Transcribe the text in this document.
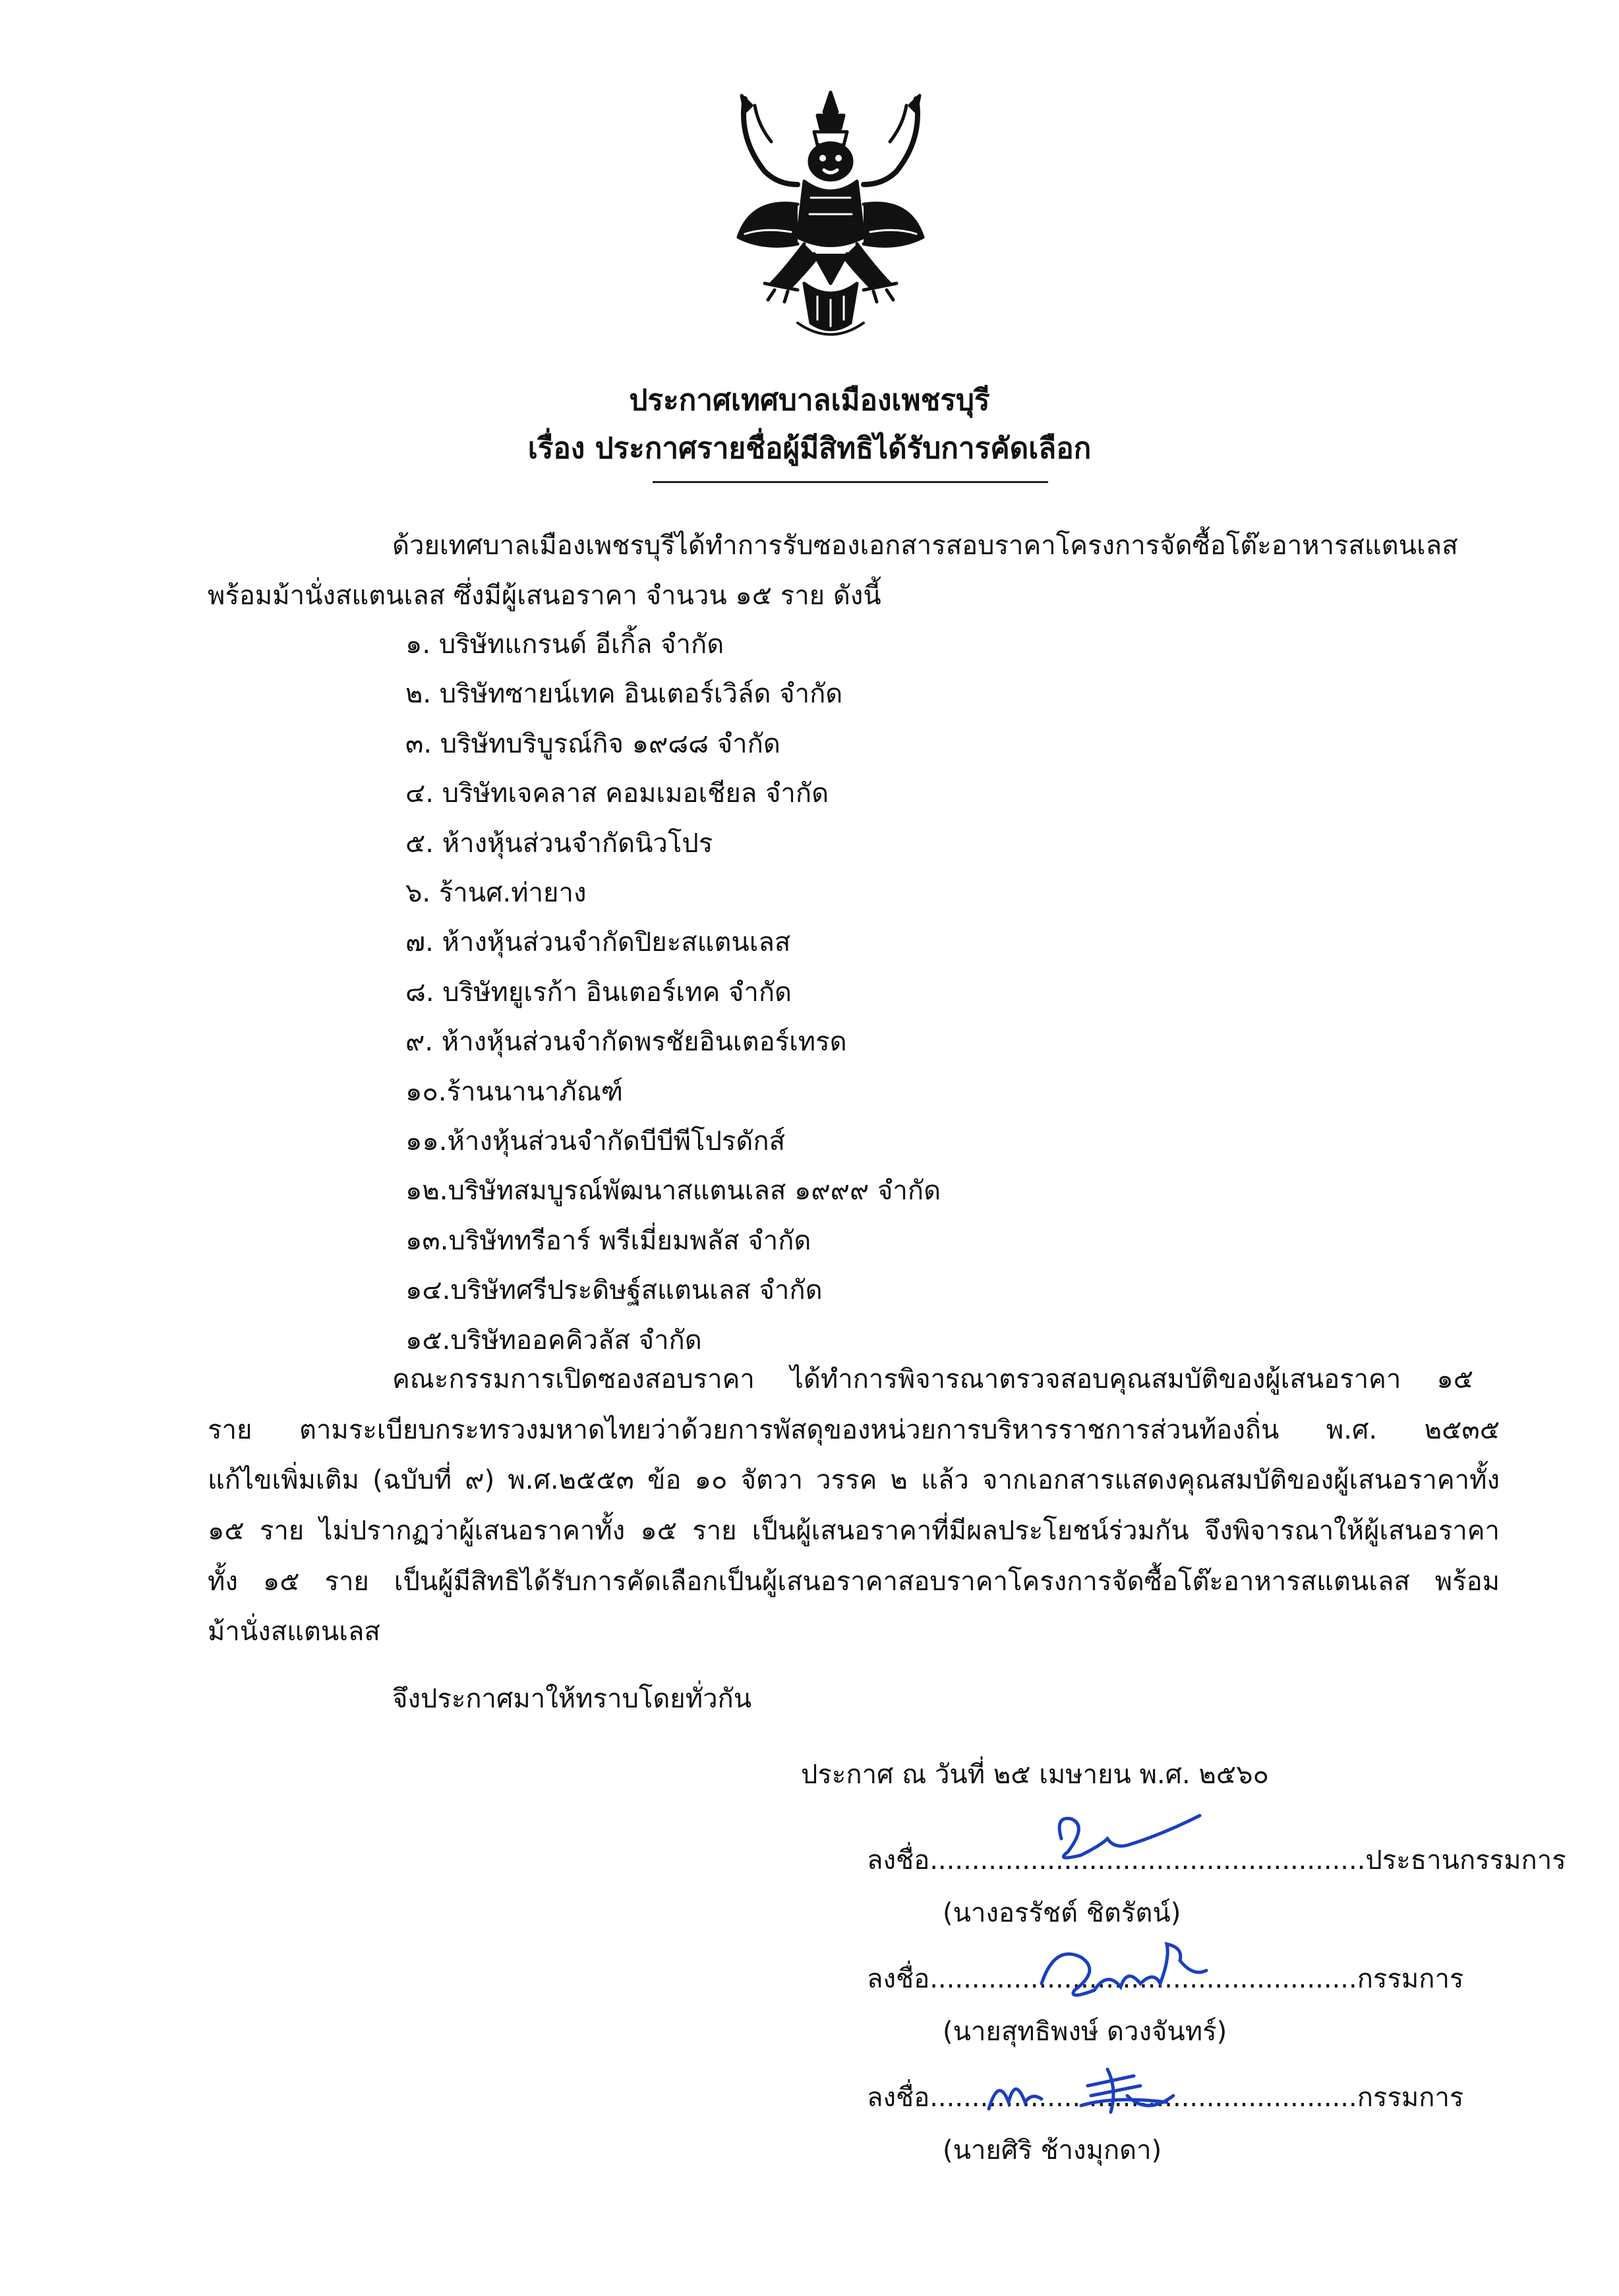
ประกาศเทศบาลเมืองเพชรบุรี
เรื่อง ประกาศรายชื่อผู้มีสิทธิได้รับการคัดเลือก
ด้วยเทศบาลเมืองเพชรบุรีได้ทำการรับซองเอกสารสอบราคาโครงการจัดซื้อโต๊ะอาหารสแตนเลส
พร้อมม้านั่งสแตนเลส ซึ่งมีผู้เสนอราคา จำนวน ๑๕ ราย ดังนี้
๑. บริษัทแกรนด์ อีเกิ้ล จำกัด
๒. บริษัทซายน์เทค อินเตอร์เวิล์ด จำกัด
๓. บริษัทบริบูรณ์กิจ ๑๙๘๘ จำกัด
๔. บริษัทเจคลาส คอมเมอเชียล จำกัด
๕. ห้างหุ้นส่วนจำกัดนิวโปร
๖. ร้านศ.ท่ายาง
๗. ห้างหุ้นส่วนจำกัดปิยะสแตนเลส
๘. บริษัทยูเรก้า อินเตอร์เทค จำกัด
๙. ห้างหุ้นส่วนจำกัดพรชัยอินเตอร์เทรด
๑๐.ร้านนานาภัณฑ์
๑๑.ห้างหุ้นส่วนจำกัดบีบีพีโปรดักส์
๑๒.บริษัทสมบูรณ์พัฒนาสแตนเลส ๑๙๙๙ จำกัด
๑๓.บริษัททรีอาร์ พรีเมี่ยมพลัส จำกัด
๑๔.บริษัทศรีประดิษฐ์สแตนเลส จำกัด
๑๕.บริษัทออคคิวลัส จำกัด
คณะกรรมการเปิดซองสอบราคา ได้ทำการพิจารณาตรวจสอบคุณสมบัติของผู้เสนอราคา ๑๕
ราย ตามระเบียบกระทรวงมหาดไทยว่าด้วยการพัสดุของหน่วยการบริหารราชการส่วนท้องถิ่น พ.ศ. ๒๕๓๕
แก้ไขเพิ่มเติม (ฉบับที่ ๙) พ.ศ.๒๕๕๓ ข้อ ๑๐ จัตวา วรรค ๒ แล้ว จากเอกสารแสดงคุณสมบัติของผู้เสนอราคาทั้ง
๑๕ ราย ไม่ปรากฏว่าผู้เสนอราคาทั้ง ๑๕ ราย เป็นผู้เสนอราคาที่มีผลประโยชน์ร่วมกัน จึงพิจารณาให้ผู้เสนอราคา
ทั้ง ๑๕ ราย เป็นผู้มีสิทธิได้รับการคัดเลือกเป็นผู้เสนอราคาสอบราคาโครงการจัดซื้อโต๊ะอาหารสแตนเลส พร้อม
ม้านั่งสแตนเลส
จึงประกาศมาให้ทราบโดยทั่วกัน
ประกาศ ณ วันที่ ๒๕ เมษายน พ.ศ. ๒๕๖๐
ลงชื่อ....................................................ประธานกรรมการ
(นางอรรัชต์ ชิตรัตน์)
ลงชื่อ...................................................กรรมการ
(นายสุทธิพงษ์ ดวงจันทร์)
ลงชื่อ...................................................กรรมการ
(นายศิริ ช้างมุกดา)
